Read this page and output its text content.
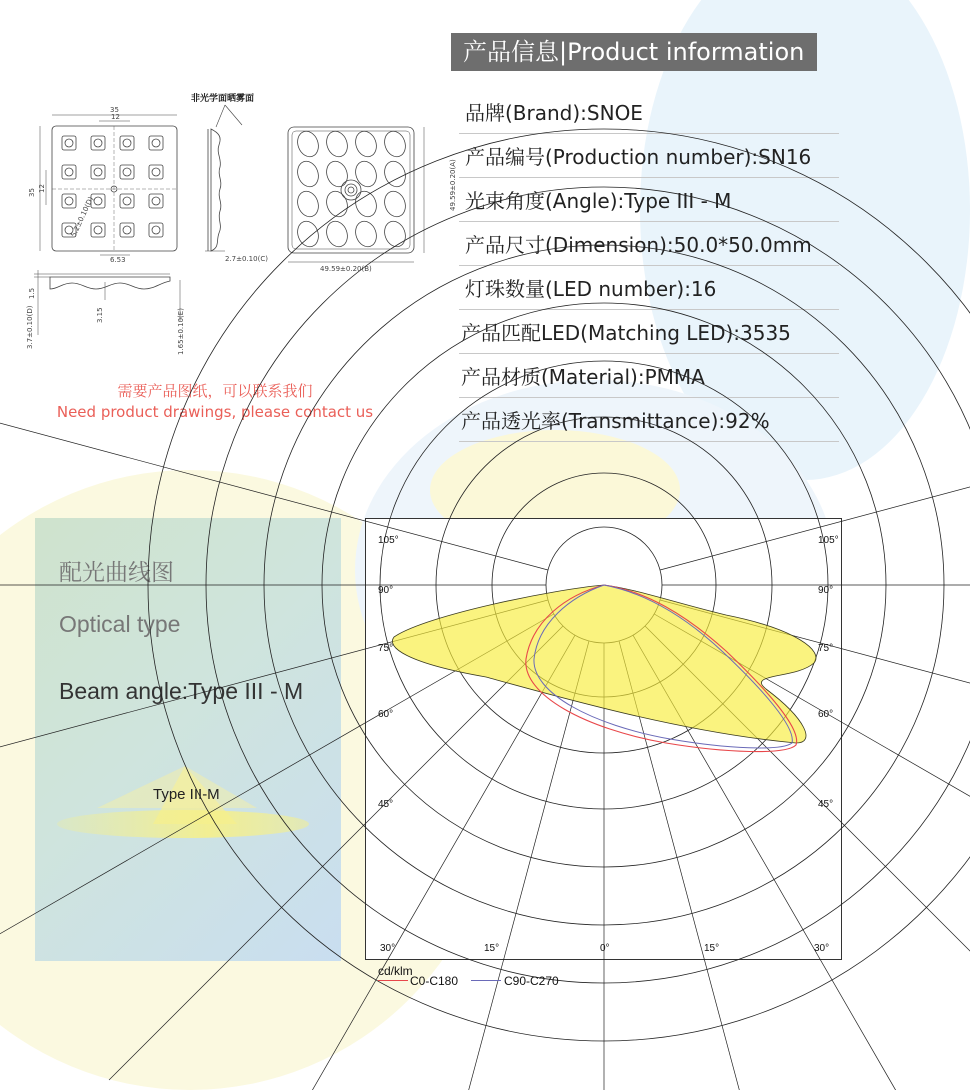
非光学面晒雾面
35
12
35 12
5.2±0.10(D)
6.53	2.7±0.10(C)
49.59±0.20(A)
49.59±0.20(B)
1.5
3.7±0.10(D)	3.15	1.65±0.10(E)
需要产品图纸，可以联系我们
Need product drawings, please contact us
产品信息|Product information
品牌(Brand):SNOE
产品编号(Production number):SN16
光束角度(Angle):Type III - M
产品尺寸(Dimension):50.0*50.0mm
灯珠数量(LED number):16
产品匹配LED(Matching LED):3535
产品材质(Material):PMMA
产品透光率(Transmittance):92%
配光曲线图
Optical type
Beam angle:Type III - M
Type III-M
105°	105°
90°	90°
75°	75°
60°	60°
45°	45°
30°	15°	0°	15°	30°
cd/klm
C0-C180	C90-C270
